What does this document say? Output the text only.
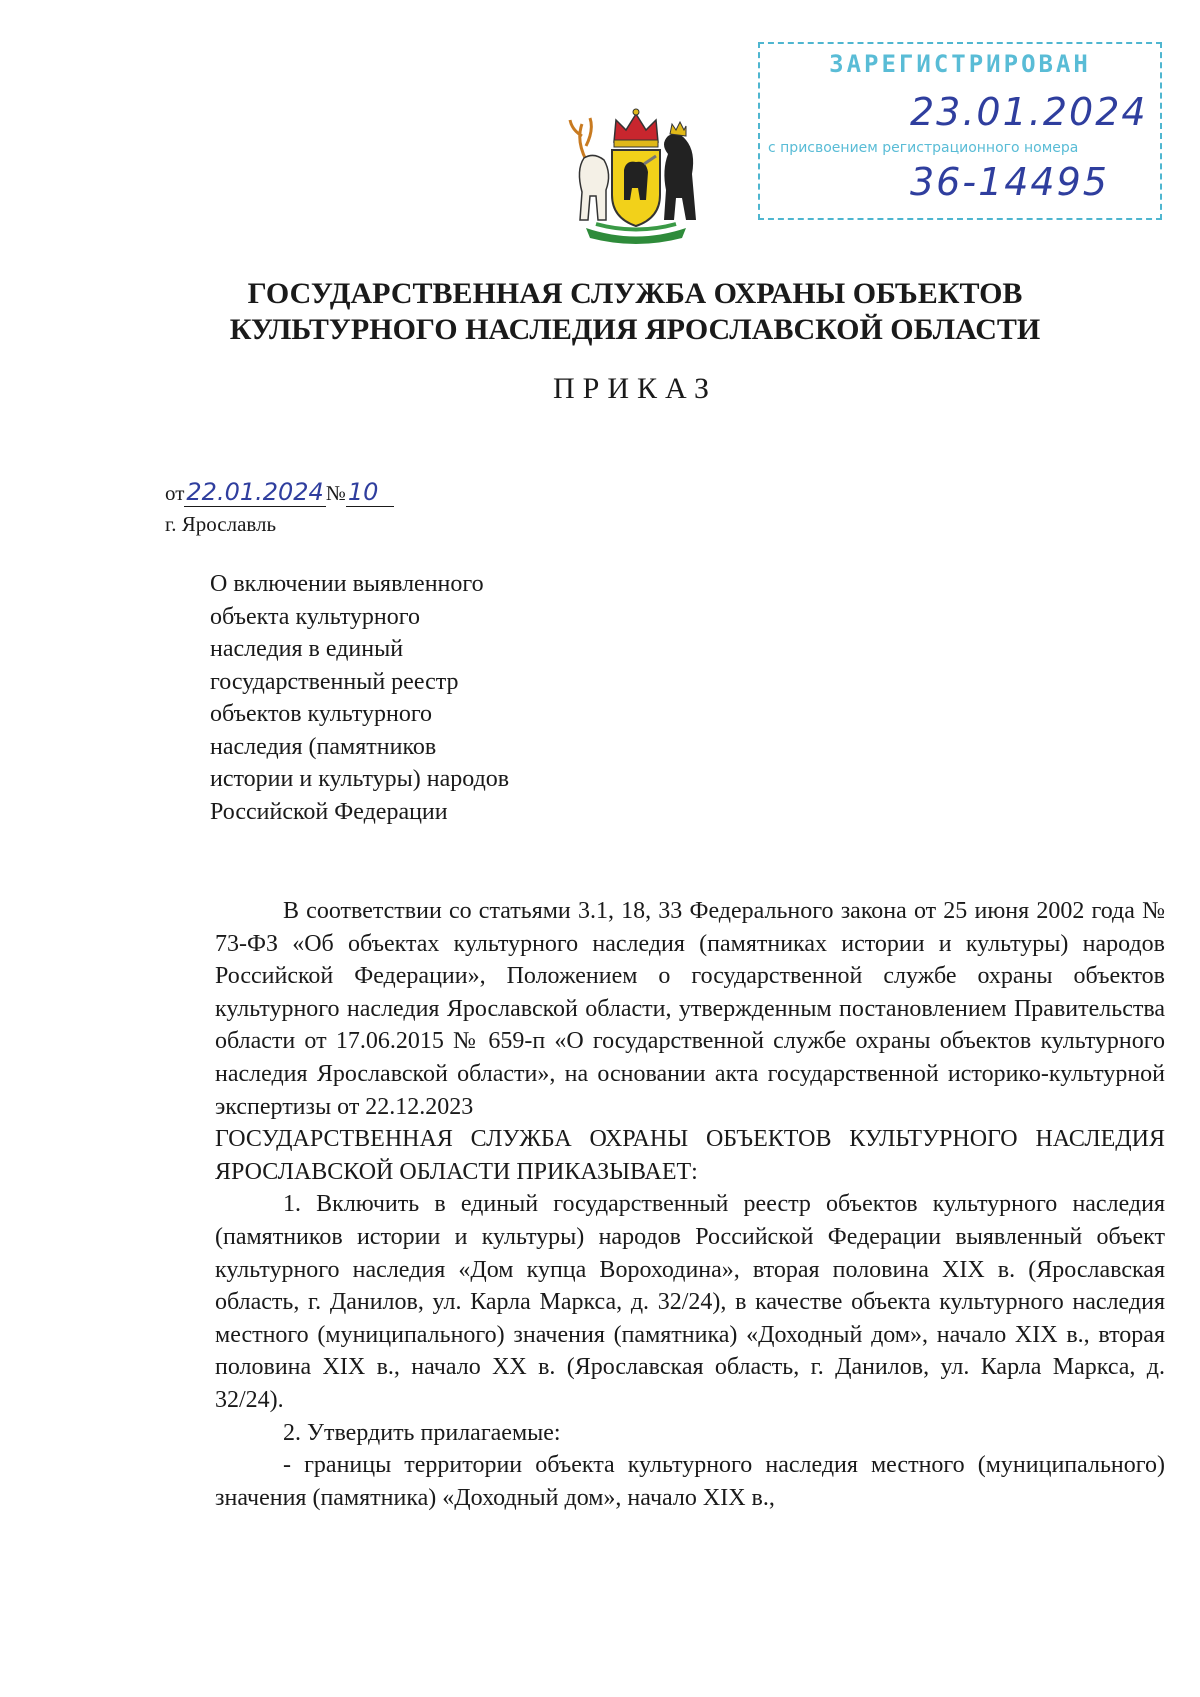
ЗАРЕГИСТРИРОВАН
23.01.2024
с присвоением регистрационного номера
36-14495
ГОСУДАРСТВЕННАЯ СЛУЖБА ОХРАНЫ ОБЪЕКТОВ
КУЛЬТУРНОГО НАСЛЕДИЯ ЯРОСЛАВСКОЙ ОБЛАСТИ
ПРИКАЗ
от22.01.2024№10
г. Ярославль
О включении выявленного
объекта культурного
наследия в единый
государственный реестр
объектов культурного
наследия (памятников
истории и культуры) народов
Российской Федерации

В соответствии со статьями 3.1, 18, 33 Федерального закона от 25 июня 2002 года № 73-ФЗ «Об объектах культурного наследия (памятниках истории и культуры) народов Российской Федерации», Положением о государственной службе охраны объектов культурного наследия Ярославской области, утвержденным постановлением Правительства области от 17.06.2015 № 659-п «О государственной службе охраны объектов культурного наследия Ярославской области», на основании акта государственной историко-культурной экспертизы от 22.12.2023

ГОСУДАРСТВЕННАЯ СЛУЖБА ОХРАНЫ ОБЪЕКТОВ КУЛЬТУРНОГО НАСЛЕДИЯ ЯРОСЛАВСКОЙ ОБЛАСТИ ПРИКАЗЫВАЕТ:

1. Включить в единый государственный реестр объектов культурного наследия (памятников истории и культуры) народов Российской Федерации выявленный объект культурного наследия «Дом купца Вороходина», вторая половина XIX в. (Ярославская область, г. Данилов, ул. Карла Маркса, д. 32/24), в качестве объекта культурного наследия местного (муниципального) значения (памятника) «Доходный дом», начало XIX в., вторая половина XIX в., начало XX в. (Ярославская область, г. Данилов, ул. Карла Маркса, д. 32/24).

2. Утвердить прилагаемые:

- границы территории объекта культурного наследия местного (муниципального) значения (памятника) «Доходный дом», начало XIX в.,
